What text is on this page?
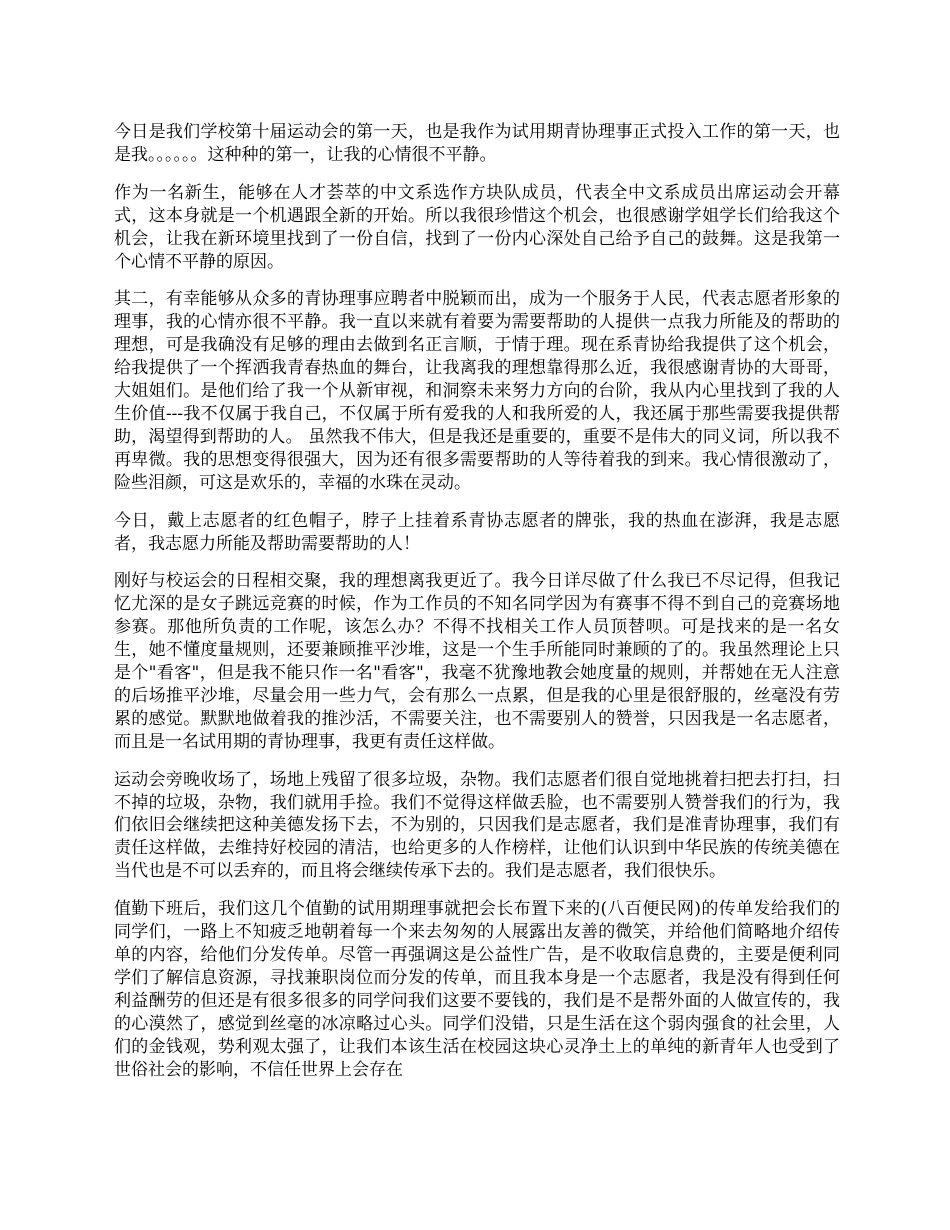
今日是我们学校第十届运动会的第一天，也是我作为试用期青协理事正式投入工作的第一天，也是我。。。。。。这种种的第一，让我的心情很不平静。

作为一名新生，能够在人才荟萃的中文系选作方块队成员，代表全中文系成员出席运动会开幕式，这本身就是一个机遇跟全新的开始。所以我很珍惜这个机会，也很感谢学姐学长们给我这个机会，让我在新环境里找到了一份自信，找到了一份内心深处自己给予自己的鼓舞。这是我第一个心情不平静的原因。

其二，有幸能够从众多的青协理事应聘者中脱颖而出，成为一个服务于人民，代表志愿者形象的理事，我的心情亦很不平静。我一直以来就有着要为需要帮助的人提供一点我力所能及的帮助的理想，可是我确没有足够的理由去做到名正言顺，于情于理。现在系青协给我提供了这个机会，给我提供了一个挥洒我青春热血的舞台，让我离我的理想靠得那么近，我很感谢青协的大哥哥，大姐姐们。是他们给了我一个从新审视，和洞察未来努力方向的台阶，我从内心里找到了我的人生价值---我不仅属于我自己，不仅属于所有爱我的人和我所爱的人，我还属于那些需要我提供帮助，渴望得到帮助的人。 虽然我不伟大，但是我还是重要的，重要不是伟大的同义词，所以我不再卑微。我的思想变得很强大，因为还有很多需要帮助的人等待着我的到来。我心情很激动了，险些泪颜，可这是欢乐的，幸福的水珠在灵动。

今日，戴上志愿者的红色帽子，脖子上挂着系青协志愿者的牌张，我的热血在澎湃，我是志愿者，我志愿力所能及帮助需要帮助的人！

刚好与校运会的日程相交聚，我的理想离我更近了。我今日详尽做了什么我已不尽记得，但我记忆尤深的是女子跳远竞赛的时候，作为工作员的不知名同学因为有赛事不得不到自己的竞赛场地参赛。那他所负责的工作呢，该怎么办？不得不找相关工作人员顶替呗。可是找来的是一名女生，她不懂度量规则，还要兼顾推平沙堆，这是一个生手所能同时兼顾的了的。我虽然理论上只是个"看客"，但是我不能只作一名"看客"，我毫不犹豫地教会她度量的规则，并帮她在无人注意的后场推平沙堆，尽量会用一些力气，会有那么一点累，但是我的心里是很舒服的，丝毫没有劳累的感觉。默默地做着我的推沙活，不需要关注，也不需要别人的赞誉，只因我是一名志愿者，而且是一名试用期的青协理事，我更有责任这样做。

运动会旁晚收场了，场地上残留了很多垃圾，杂物。我们志愿者们很自觉地挑着扫把去打扫，扫不掉的垃圾，杂物，我们就用手捡。我们不觉得这样做丢脸，也不需要别人赞誉我们的行为，我们依旧会继续把这种美德发扬下去，不为别的，只因我们是志愿者，我们是准青协理事，我们有责任这样做，去维持好校园的清洁，也给更多的人作榜样，让他们认识到中华民族的传统美德在当代也是不可以丢弃的，而且将会继续传承下去的。我们是志愿者，我们很快乐。

值勤下班后，我们这几个值勤的试用期理事就把会长布置下来的(八百便民网)的传单发给我们的同学们，一路上不知疲乏地朝着每一个来去匆匆的人展露出友善的微笑，并给他们简略地介绍传单的内容，给他们分发传单。尽管一再强调这是公益性广告，是不收取信息费的，主要是便利同学们了解信息资源，寻找兼职岗位而分发的传单，而且我本身是一个志愿者，我是没有得到任何利益酬劳的但还是有很多很多的同学问我们这要不要钱的，我们是不是帮外面的人做宣传的，我的心漠然了，感觉到丝毫的冰凉略过心头。同学们没错，只是生活在这个弱肉强食的社会里，人们的金钱观，势利观太强了，让我们本该生活在校园这块心灵净土上的单纯的新青年人也受到了世俗社会的影响，不信任世界上会存在
